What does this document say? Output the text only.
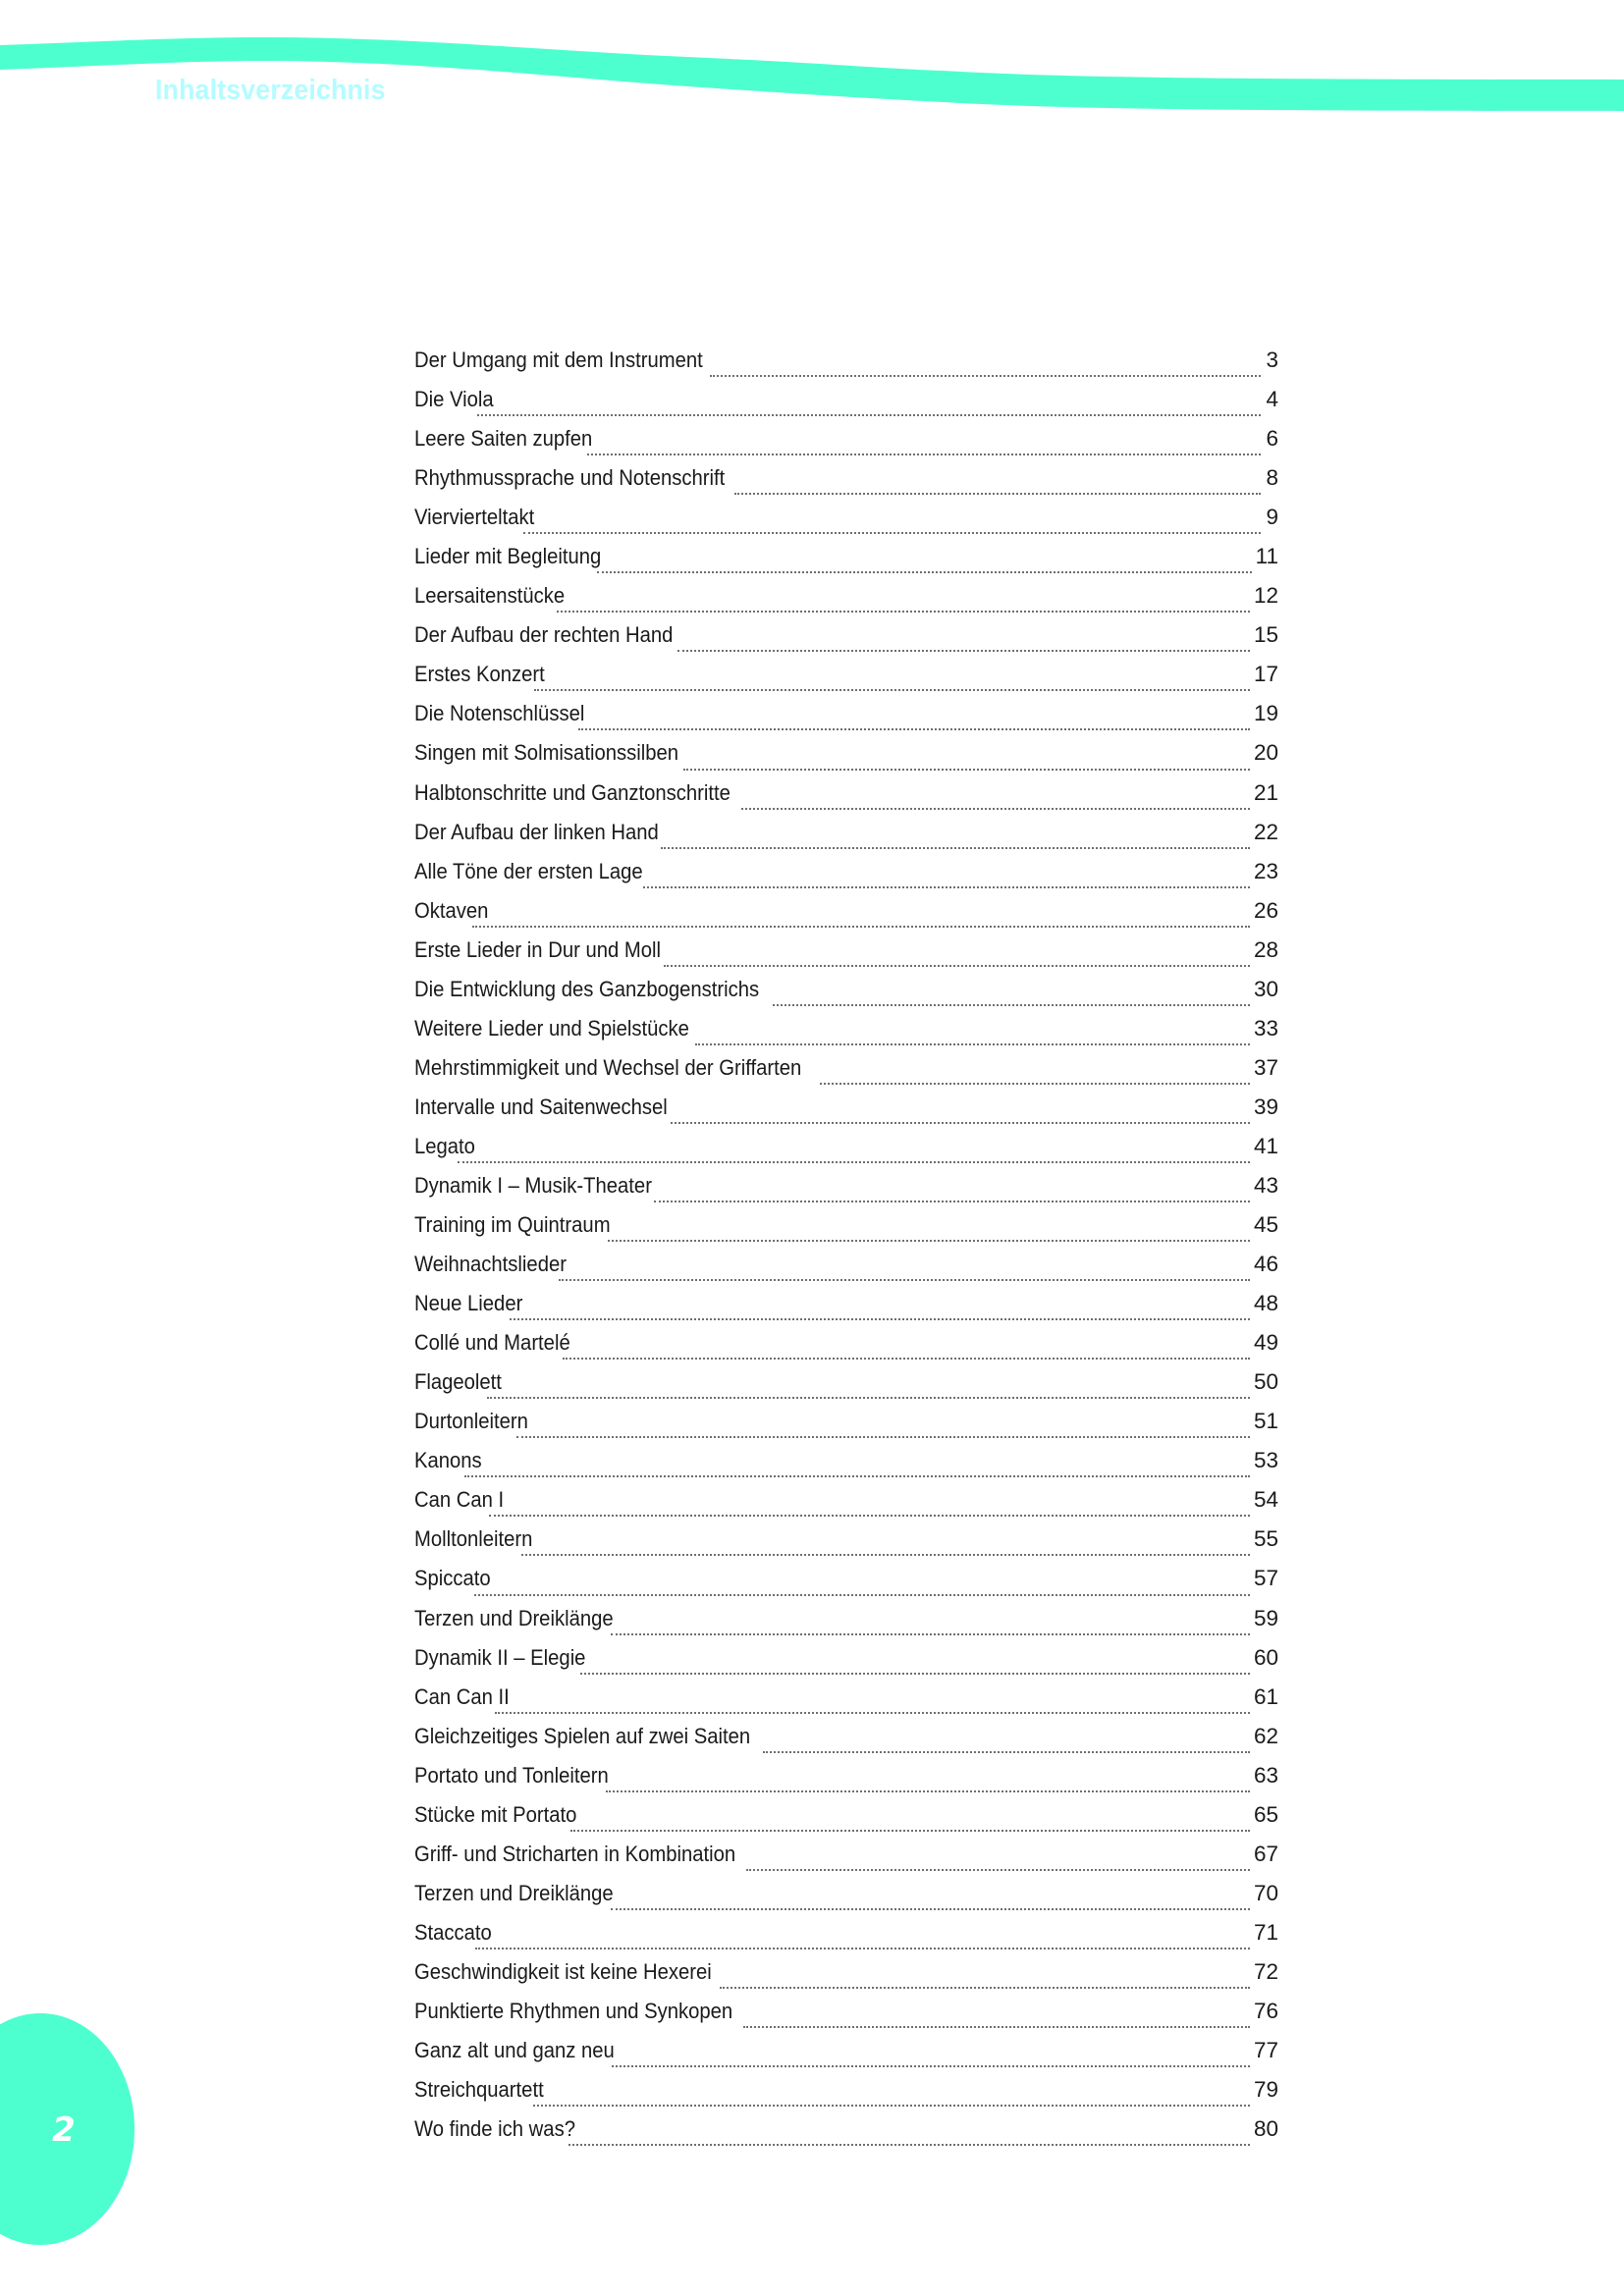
Inhaltsverzeichnis
Der Umgang mit dem Instrument	3
Die Viola	4
Leere Saiten zupfen	6
Rhythmussprache und Notenschrift	8
Viervierteltakt	9
Lieder mit Begleitung	11
Leersaitenstücke	12
Der Aufbau der rechten Hand	15
Erstes Konzert	17
Die Notenschlüssel	19
Singen mit Solmisationssilben	20
Halbtonschritte und Ganztonschritte	21
Der Aufbau der linken Hand	22
Alle Töne der ersten Lage	23
Oktaven	26
Erste Lieder in Dur und Moll	28
Die Entwicklung des Ganzbogenstrichs	30
Weitere Lieder und Spielstücke	33
Mehrstimmigkeit und Wechsel der Griffarten	37
Intervalle und Saitenwechsel	39
Legato	41
Dynamik I – Musik-Theater	43
Training im Quintraum	45
Weihnachtslieder	46
Neue Lieder	48
Collé und Martelé	49
Flageolett	50
Durtonleitern	51
Kanons	53
Can Can I	54
Molltonleitern	55
Spiccato	57
Terzen und Dreiklänge	59
Dynamik II – Elegie	60
Can Can II	61
Gleichzeitiges Spielen auf zwei Saiten	62
Portato und Tonleitern	63
Stücke mit Portato	65
Griff- und Stricharten in Kombination	67
Terzen und Dreiklänge	70
Staccato	71
Geschwindigkeit ist keine Hexerei	72
Punktierte Rhythmen und Synkopen	76
Ganz alt und ganz neu	77
Streichquartett	79
Wo finde ich was?	80
2
